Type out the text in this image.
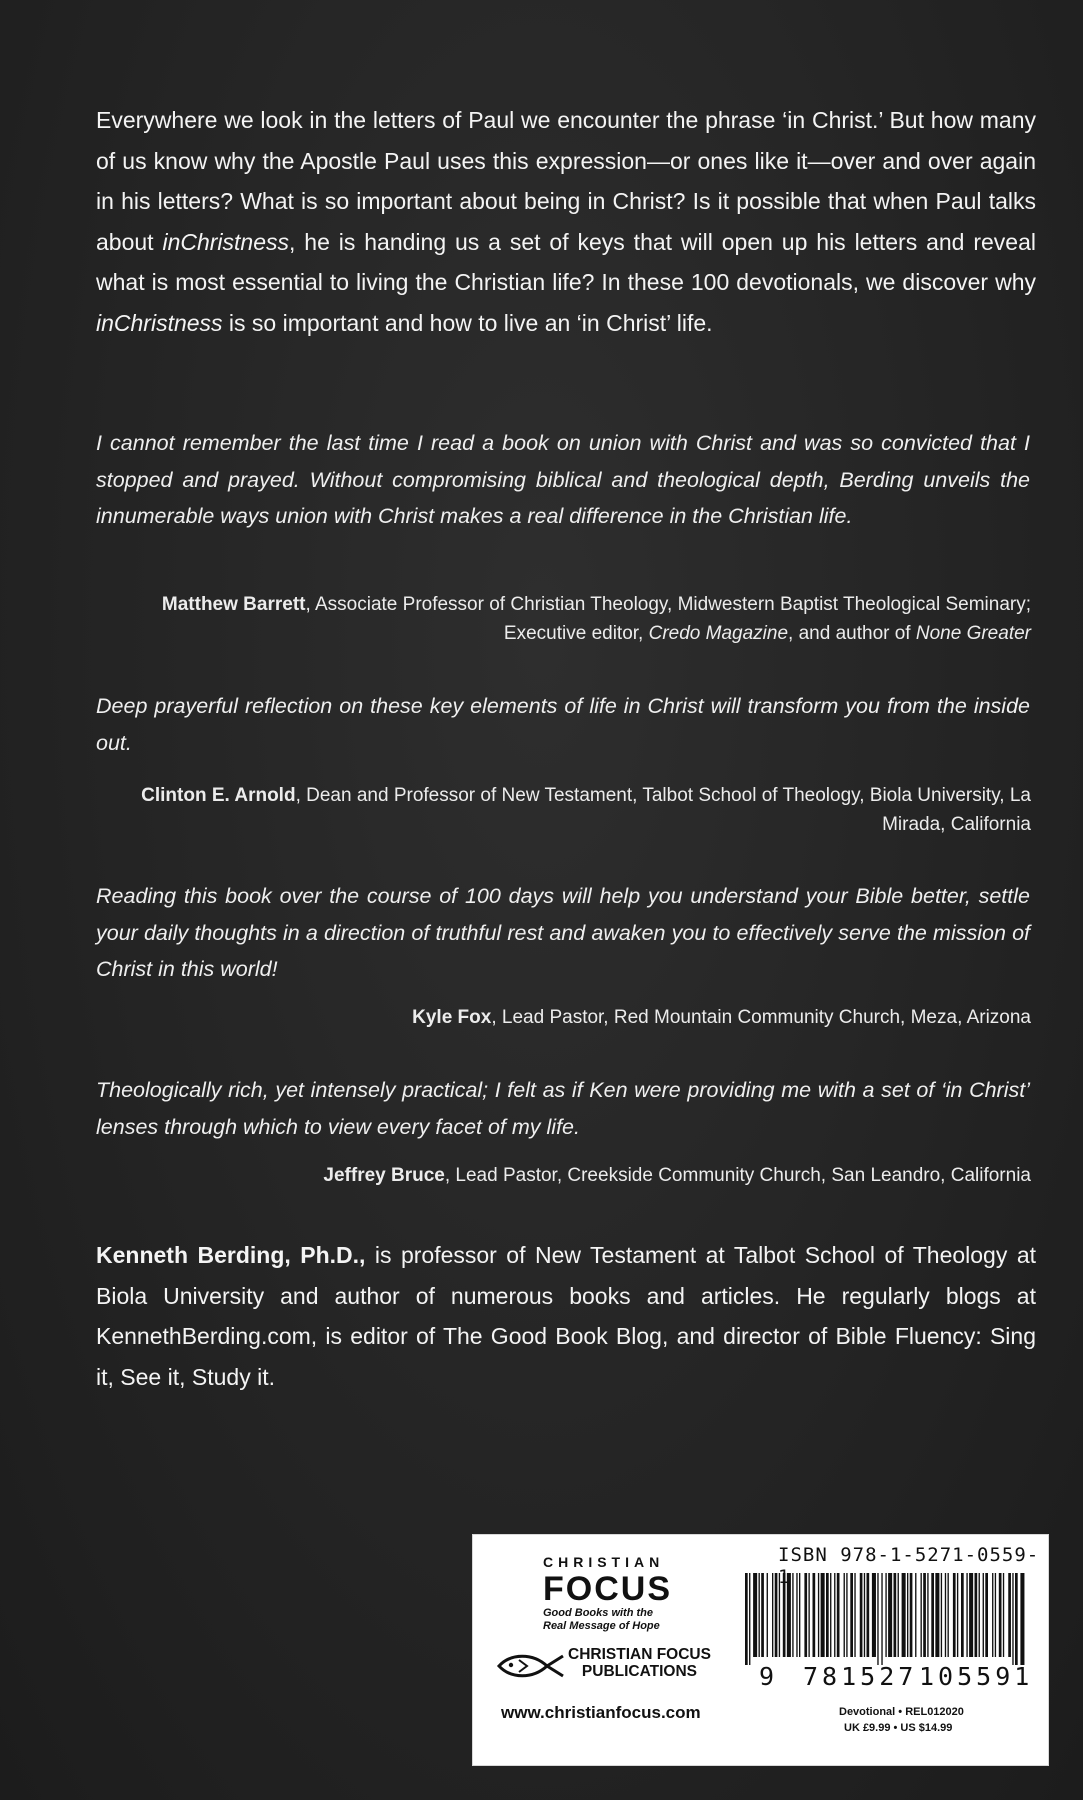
Everywhere we look in the letters of Paul we encounter the phrase ‘in Christ.’ But how many of us know why the Apostle Paul uses this expression—or ones like it—over and over again in his letters? What is so important about being in Christ? Is it possible that when Paul talks about inChristness, he is handing us a set of keys that will open up his letters and reveal what is most essential to living the Christian life? In these 100 devotionals, we discover why inChristness is so important and how to live an ‘in Christ’ life.

I cannot remember the last time I read a book on union with Christ and was so convicted that I stopped and prayed. Without compromising biblical and theological depth, Berding unveils the innumerable ways union with Christ makes a real difference in the Christian life.

Matthew Barrett, Associate Professor of Christian Theology, Midwestern Baptist Theological Seminary; Executive editor, Credo Magazine, and author of None Greater

Deep prayerful reflection on these key elements of life in Christ will transform you from the inside out.

Clinton E. Arnold, Dean and Professor of New Testament, Talbot School of Theology, Biola University, La Mirada, California

Reading this book over the course of 100 days will help you understand your Bible better, settle your daily thoughts in a direction of truthful rest and awaken you to effectively serve the mission of Christ in this world!

Kyle Fox, Lead Pastor, Red Mountain Community Church, Meza, Arizona

Theologically rich, yet intensely practical; I felt as if Ken were providing me with a set of ‘in Christ’ lenses through which to view every facet of my life.

Jeffrey Bruce, Lead Pastor, Creekside Community Church, San Leandro, California

Kenneth Berding, Ph.D., is professor of New Testament at Talbot School of Theology at Biola University and author of numerous books and articles. He regularly blogs at KennethBerding.com, is editor of The Good Book Blog, and director of Bible Fluency: Sing it, See it, Study it.

CHRISTIAN
FOCUS
Good Books with the
Real Message of Hope
CHRISTIAN FOCUS
PUBLICATIONS
www.christianfocus.com
ISBN 978-1-5271-0559-
9 781527 105591
Devotional • REL012020
UK £9.99 • US $14.99
